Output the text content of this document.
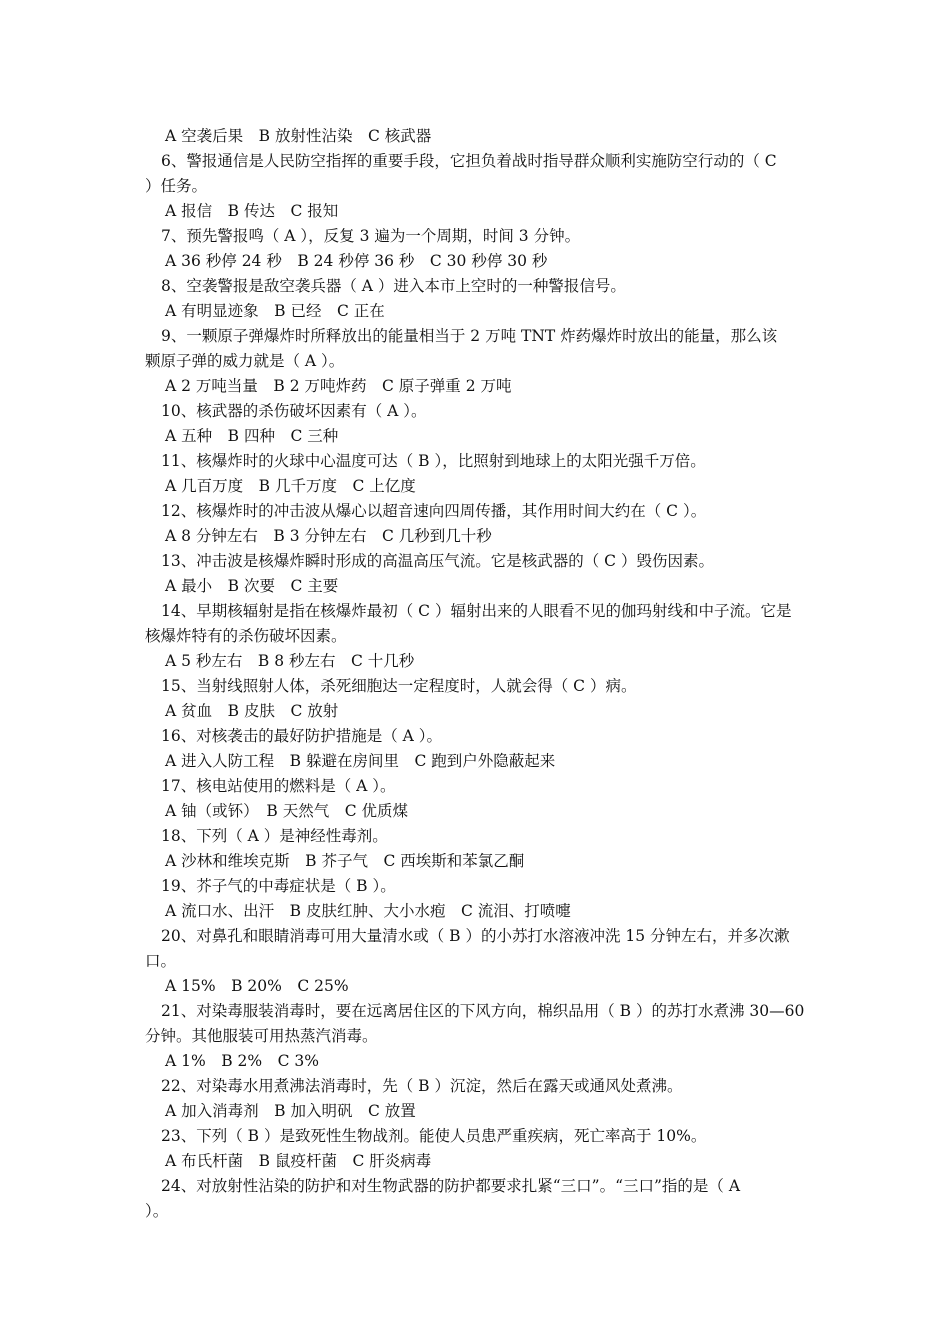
A 空袭后果　B 放射性沾染　C 核武器
6、警报通信是人民防空指挥的重要手段，它担负着战时指导群众顺利实施防空行动的（ C
）任务。
A 报信　B 传达　C 报知
7、预先警报鸣（ A ），反复 3 遍为一个周期，时间 3 分钟。
A 36 秒停 24 秒　B 24 秒停 36 秒　C 30 秒停 30 秒
8、空袭警报是敌空袭兵器（ A ）进入本市上空时的一种警报信号。
A 有明显迹象　B 已经　C 正在
9、一颗原子弹爆炸时所释放出的能量相当于 2 万吨 TNT 炸药爆炸时放出的能量，那么该
颗原子弹的威力就是（ A ）。
A 2 万吨当量　B 2 万吨炸药　C 原子弹重 2 万吨
10、核武器的杀伤破坏因素有（ A ）。
A 五种　B 四种　C 三种
11、核爆炸时的火球中心温度可达（ B ），比照射到地球上的太阳光强千万倍。
A 几百万度　B 几千万度　C 上亿度
12、核爆炸时的冲击波从爆心以超音速向四周传播，其作用时间大约在（ C ）。
A 8 分钟左右　B 3 分钟左右　C 几秒到几十秒
13、冲击波是核爆炸瞬时形成的高温高压气流。它是核武器的（ C ）毁伤因素。
A 最小　B 次要　C 主要
14、早期核辐射是指在核爆炸最初（ C ）辐射出来的人眼看不见的伽玛射线和中子流。它是
核爆炸特有的杀伤破坏因素。
A 5 秒左右　B 8 秒左右　C 十几秒
15、当射线照射人体，杀死细胞达一定程度时，人就会得（ C ）病。
A 贫血　B 皮肤　C 放射
16、对核袭击的最好防护措施是（ A ）。
A 进入人防工程　B 躲避在房间里　C 跑到户外隐蔽起来
17、核电站使用的燃料是（ A ）。
A 铀（或钚）　B 天然气　C 优质煤
18、下列（ A ）是神经性毒剂。
A 沙林和维埃克斯　B 芥子气　C 西埃斯和苯氯乙酮
19、芥子气的中毒症状是（ B ）。
A 流口水、出汗　B 皮肤红肿、大小水疱　C 流泪、打喷嚏
20、对鼻孔和眼睛消毒可用大量清水或（ B ）的小苏打水溶液冲洗 15 分钟左右，并多次漱
口。
A 15%　B 20%　C 25%
21、对染毒服装消毒时，要在远离居住区的下风方向，棉织品用（ B ）的苏打水煮沸 30—60
分钟。其他服装可用热蒸汽消毒。
A 1%　B 2%　C 3%
22、对染毒水用煮沸法消毒时，先（ B ）沉淀，然后在露天或通风处煮沸。
A 加入消毒剂　B 加入明矾　C 放置
23、下列（ B ）是致死性生物战剂。能使人员患严重疾病，死亡率高于 10%。
A 布氏杆菌　B 鼠疫杆菌　C 肝炎病毒
24、对放射性沾染的防护和对生物武器的防护都要求扎紧“三口”。“三口”指的是（ A
）。
